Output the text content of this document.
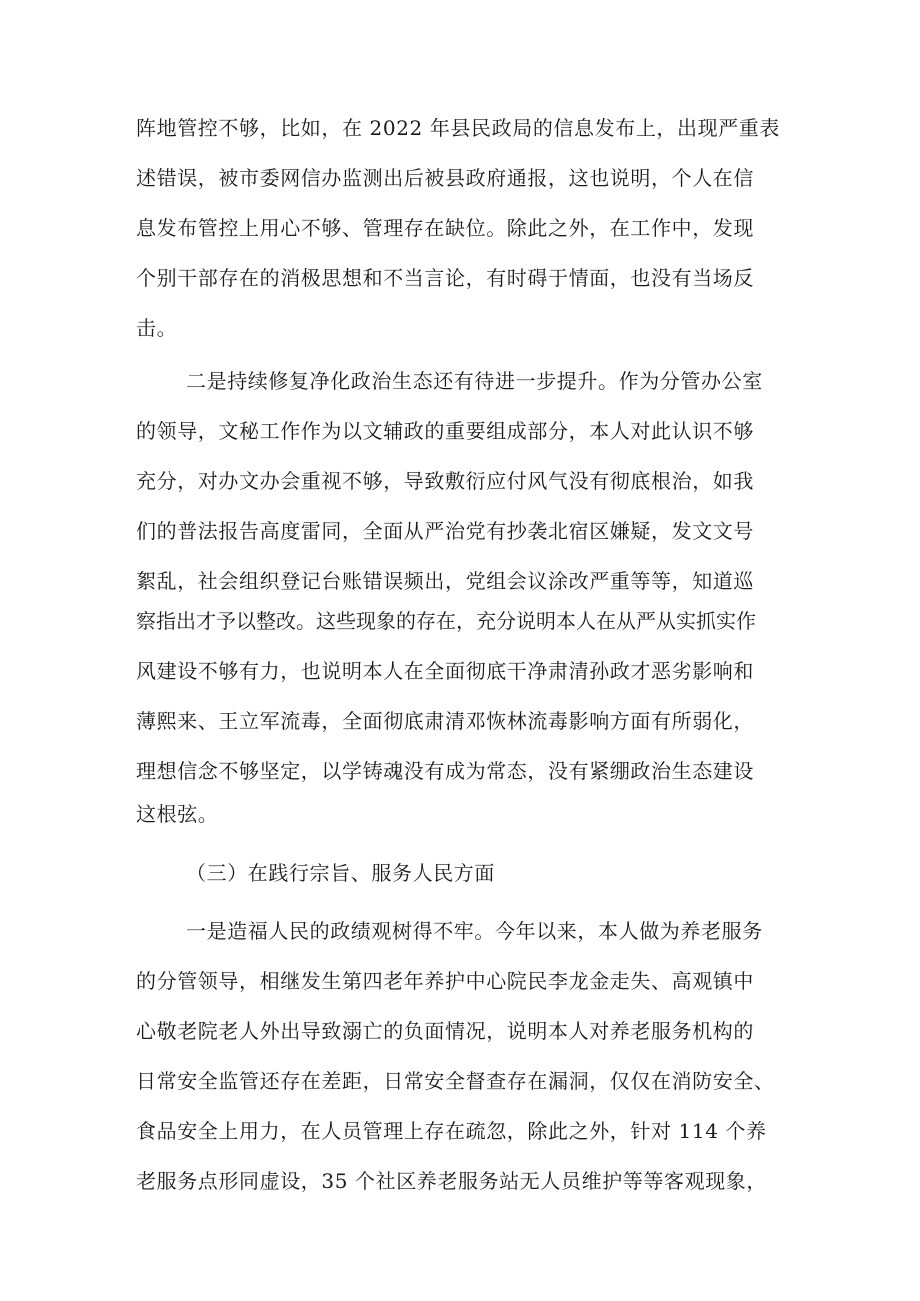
阵地管控不够，比如，在 2022 年县民政局的信息发布上，出现严重表
述错误，被市委网信办监测出后被县政府通报，这也说明，个人在信
息发布管控上用心不够、管理存在缺位。除此之外，在工作中，发现
个别干部存在的消极思想和不当言论，有时碍于情面，也没有当场反
击。
二是持续修复净化政治生态还有待进一步提升。作为分管办公室
的领导，文秘工作作为以文辅政的重要组成部分，本人对此认识不够
充分，对办文办会重视不够，导致敷衍应付风气没有彻底根治，如我
们的普法报告高度雷同，全面从严治党有抄袭北宿区嫌疑，发文文号
絮乱，社会组织登记台账错误频出，党组会议涂改严重等等，知道巡
察指出才予以整改。这些现象的存在，充分说明本人在从严从实抓实作
风建设不够有力，也说明本人在全面彻底干净肃清孙政才恶劣影响和
薄熙来、王立军流毒，全面彻底肃清邓恢林流毒影响方面有所弱化，
理想信念不够坚定，以学铸魂没有成为常态，没有紧绷政治生态建设
这根弦。
（三）在践行宗旨、服务人民方面
一是造福人民的政绩观树得不牢。今年以来，本人做为养老服务
的分管领导，相继发生第四老年养护中心院民李龙金走失、高观镇中
心敬老院老人外出导致溺亡的负面情况，说明本人对养老服务机构的
日常安全监管还存在差距，日常安全督查存在漏洞，仅仅在消防安全、
食品安全上用力，在人员管理上存在疏忽，除此之外，针对 114 个养
老服务点形同虚设，35 个社区养老服务站无人员维护等等客观现象，
